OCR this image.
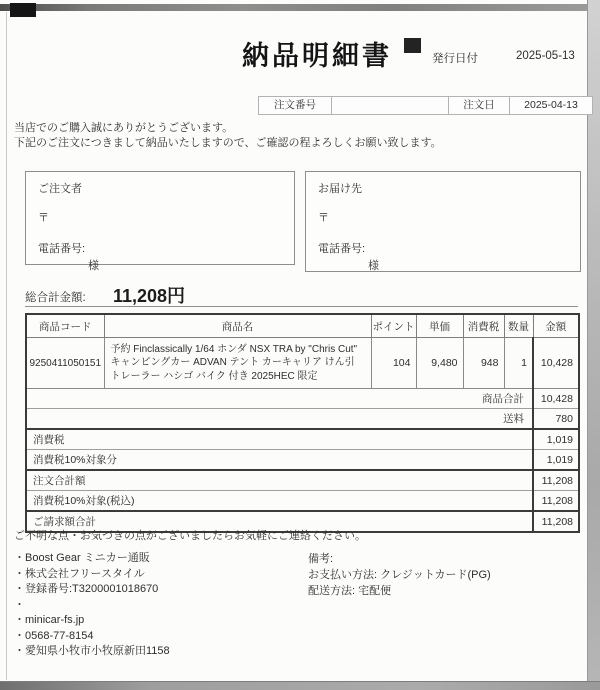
納品明細書	発行日付	2025-05-13
注文番号	注文日	2025-04-13
当店でのご購入誠にありがとうございます。
下記のご注文につきまして納品いたしますので、ご確認の程よろしくお願い致します。
ご注文者
〒
電話番号:
様
お届け先
〒
電話番号:
様
総合計金額: 11,208円
商品コード	商品名	ポイント	単価	消費税	数量	金額
9250411050151	予約 Finclassically 1/64 ホンダ NSX TRA by "Chris Cut" キャンピングカー ADVAN テント カーキャリア けん引 トレーラー ハシゴ バイク 付き 2025HEC 限定	104	9,480	948	1	10,428
商品合計						10,428
送料						780
消費税						1,019
消費税10%対象分						1,019
注文合計額						11,208
消費税10%対象(税込)						11,208
ご請求額合計						11,208
ご不明な点・お気づきの点がございましたらお気軽にご連絡ください。
・Boost Gear ミニカー通販
・株式会社フリースタイル
・登録番号:T3200001018670
・
・minicar-fs.jp
・0568-77-8154
・愛知県小牧市小牧原新田1158
備考:
お支払い方法: クレジットカード(PG)
配送方法: 宅配便
